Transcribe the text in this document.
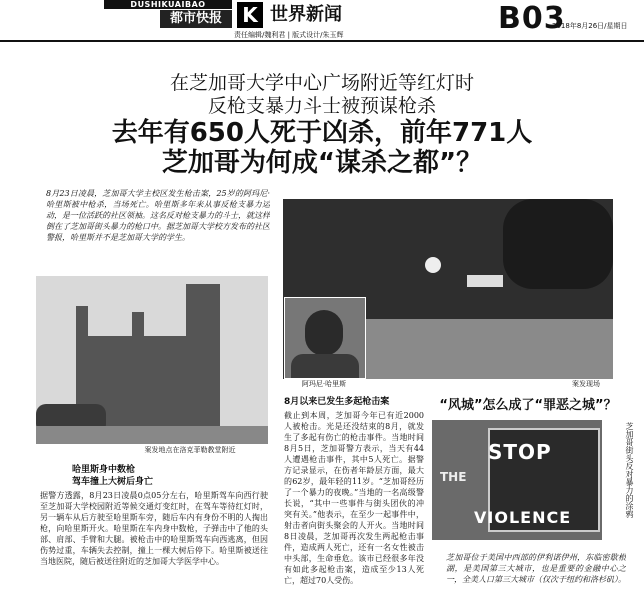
DUSHIKUAIBAO
都市快报	K 世界新闻
责任编辑/魏利君 | 版式设计/朱玉辉	B03
2018年8月26日/星期日
在芝加哥大学中心广场附近等红灯时
反枪支暴力斗士被预谋枪杀
去年有650人死于凶杀，前年771人
芝加哥为何成“谋杀之都”？
8月23日凌晨，芝加哥大学主校区发生枪击案，25岁的阿玛尼·哈里斯被中枪杀，当场死亡。哈里斯多年来从事反枪支暴力运动，是一位活跃的社区领袖。这名反对枪支暴力的斗士，就这样倒在了芝加哥街头暴力的枪口中。据芝加哥大学校方发布的社区警报，哈里斯并不是芝加哥大学的学生。
案发地点在洛克菲勒教堂附近
阿玛尼·哈里斯	案发现场
哈里斯身中数枪
驾车撞上大树后身亡
据警方透露，8月23日凌晨0点05分左右，哈里斯驾车向西行驶至芝加哥大学校园附近等候交通灯变红时，在驾车等待红灯时，另一辆车从后方驶至哈里斯车旁，随后车内有身份不明的人掏出枪，向哈里斯开火。哈里斯在车内身中数枪，子弹击中了他的头部、肩部、手臂和大腿。被枪击中的哈里斯驾车向西逃离，但因伤势过重，车辆失去控制，撞上一棵大树后停下。哈里斯被送往当地医院，随后被送往附近的芝加哥大学医学中心。
8月以来已发生多起枪击案
截止到本周，芝加哥今年已有近2000人被枪击。光是还没结束的8月，就发生了多起有伤亡的枪击事件。当地时间8月5日，芝加哥警方表示，当天有44人遭遇枪击事件，其中5人死亡。据警方记录显示，在伤者年龄层方面，最大的62岁，最年轻的11岁。“芝加哥经历了一个暴力的夜晚。”当地的一名高级警长说，“其中一些事件与街头团伙的冲突有关。”他表示，在至少一起事件中，射击者向街头聚会的人开火。当地时间8日凌晨，芝加哥再次发生两起枪击事件，造成两人死亡，还有一名女性被击中头部，生命垂危。该市已经很多年没有如此多起枪击案，造成至少13人死亡，超过70人受伤。
“风城”怎么成了“罪恶之城”？
STOP
THE
VIOLENCE	芝加哥街头反对暴力的涂鸦
芝加哥位于美国中西部的伊利诺伊州，东临密歇根湖，是美国第三大城市，也是重要的金融中心之一，全美人口第三大城市（仅次于纽约和洛杉矶）。
